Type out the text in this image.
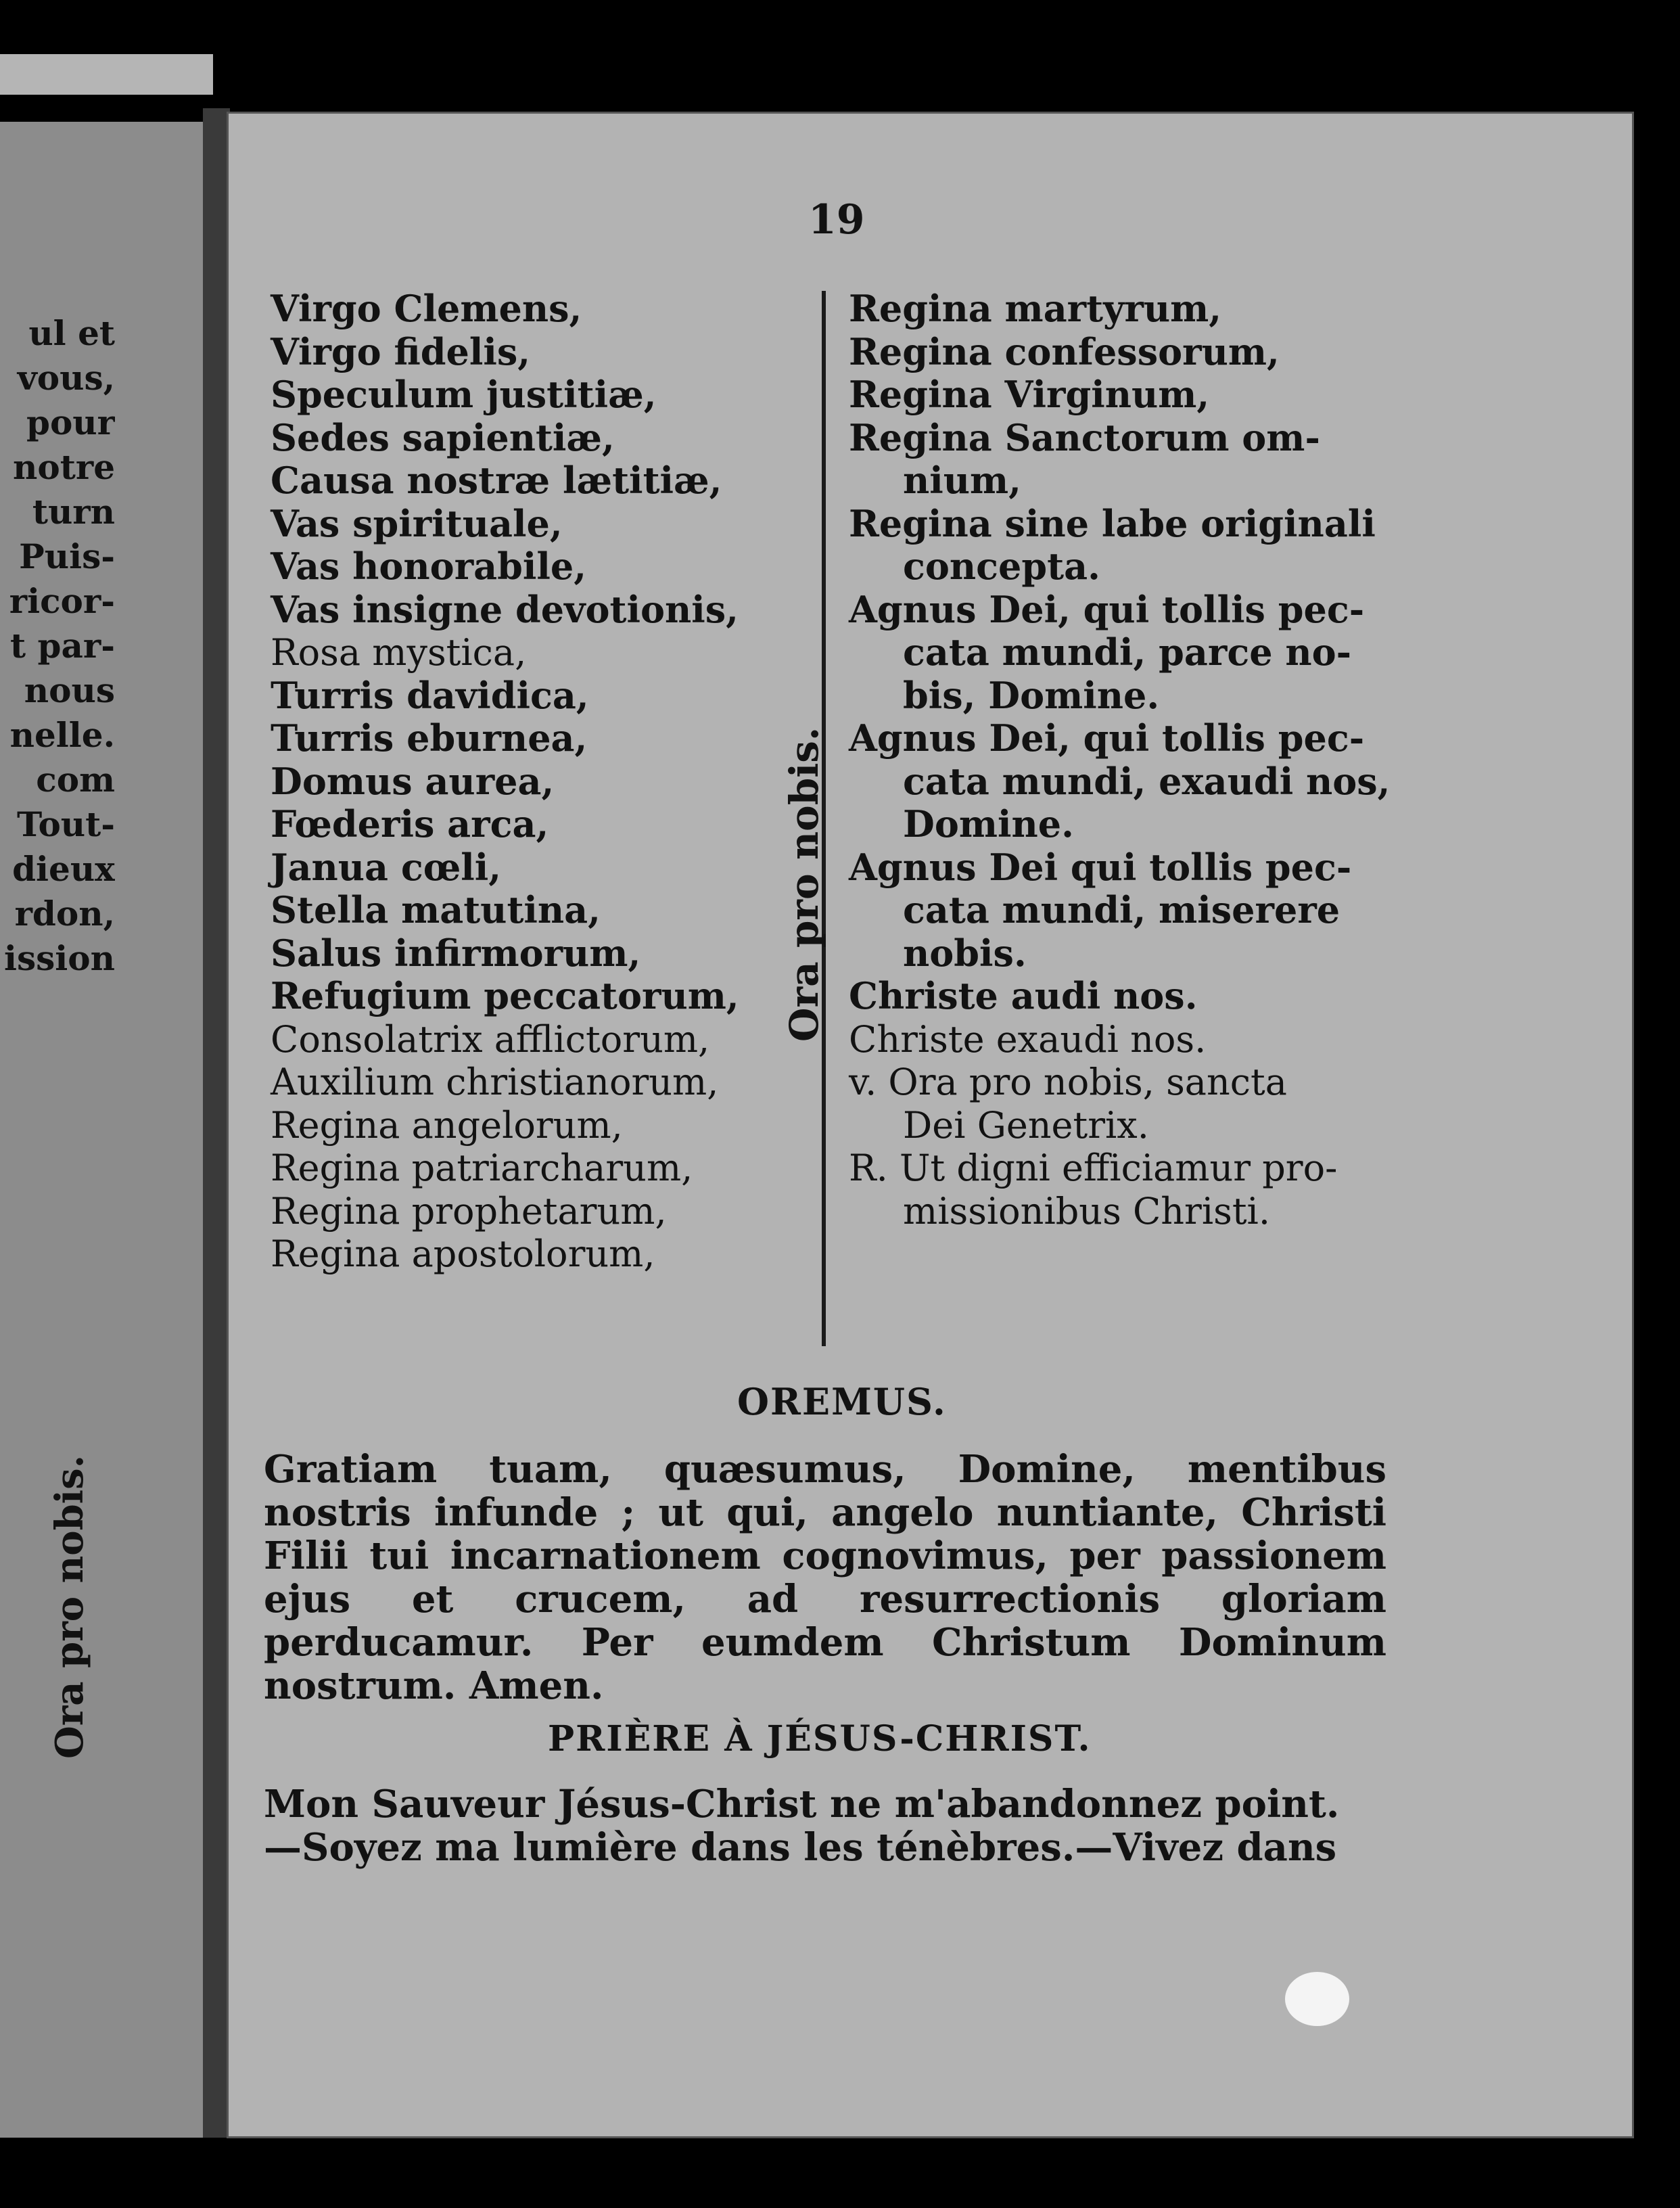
ul et
vous,
pour
notre
turn
Puis-
ricor-
t par-
nous
nelle.
com
Tout-
dieux
rdon,
ission
Ora pro nobis.
19
Virgo Clemens,
Virgo fidelis,
Speculum justitiæ,
Sedes sapientiæ,
Causa nostræ lætitiæ,
Vas spirituale,
Vas honorabile,
Vas insigne devotionis,
Rosa mystica,
Turris davidica,
Turris eburnea,
Domus aurea,
Fœderis arca,
Janua cœli,
Stella matutina,
Salus infirmorum,
Refugium peccatorum,
Consolatrix afflictorum,
Auxilium christianorum,
Regina angelorum,
Regina patriarcharum,
Regina prophetarum,
Regina apostolorum,
Ora pro nobis.
Regina martyrum,
Regina confessorum,
Regina Virginum,
Regina Sanctorum om-
nium,
Regina sine labe originali
concepta.
Agnus Dei, qui tollis pec-
cata mundi, parce no-
bis, Domine.
Agnus Dei, qui tollis pec-
cata mundi, exaudi nos,
Domine.
Agnus Dei qui tollis pec-
cata mundi, miserere
nobis.
Christe audi nos.
Christe exaudi nos.
v. Ora pro nobis, sancta
Dei Genetrix.
R. Ut digni efficiamur pro-
missionibus Christi.
OREMUS.
Gratiam tuam, quæsumus, Domine, mentibus nostris infunde ; ut qui, angelo nuntiante, Christi Filii tui incarnationem cognovimus, per passionem ejus et crucem, ad resurrectionis gloriam perducamur. Per eumdem Christum Dominum nostrum. Amen.
PRIÈRE À JÉSUS-CHRIST.
Mon Sauveur Jésus-Christ ne m'abandonnez point.
—Soyez ma lumière dans les ténèbres.—Vivez dans
